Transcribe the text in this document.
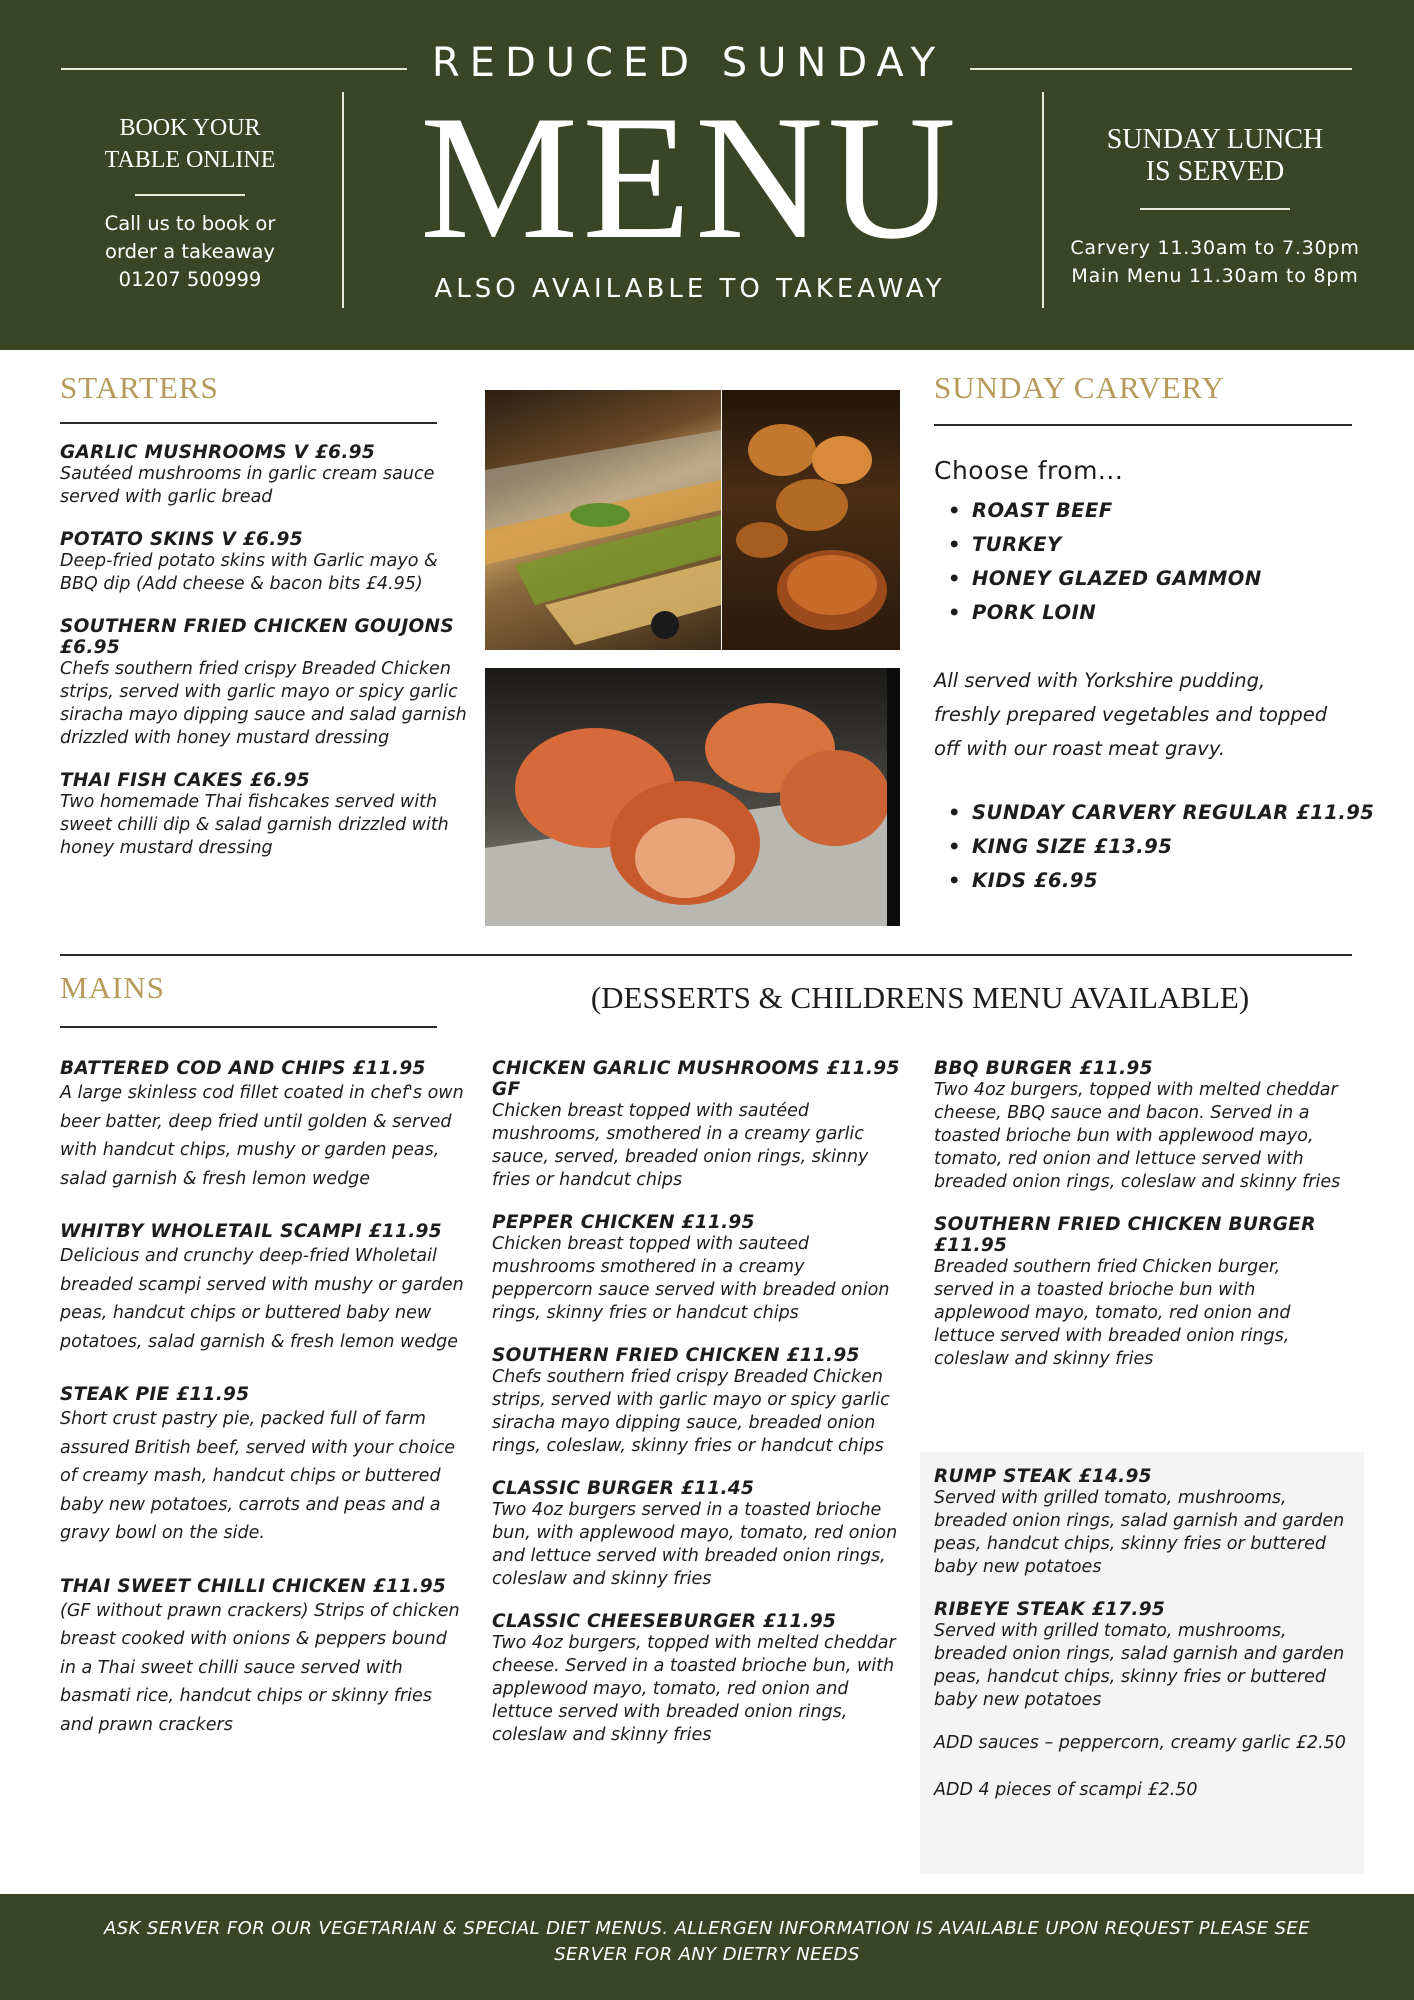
REDUCED SUNDAY
MENU
ALSO AVAILABLE TO TAKEAWAY
BOOK YOUR
TABLE ONLINE
Call us to book or
order a takeaway
01207 500999
SUNDAY LUNCH
IS SERVED
Carvery 11.30am to 7.30pm
Main Menu 11.30am to 8pm
STARTERS
GARLIC MUSHROOMS V £6.95
Sautéed mushrooms in garlic cream sauce served with garlic bread
POTATO SKINS V £6.95
Deep-fried potato skins with Garlic mayo & BBQ dip (Add cheese & bacon bits £4.95)
SOUTHERN FRIED CHICKEN GOUJONS £6.95
Chefs southern fried crispy Breaded Chicken strips, served with garlic mayo or spicy garlic siracha mayo dipping sauce and salad garnish drizzled with honey mustard dressing
THAI FISH CAKES £6.95
Two homemade Thai fishcakes served with sweet chilli dip & salad garnish drizzled with honey mustard dressing
SUNDAY CARVERY
Choose from...
• ROAST BEEF
• TURKEY
• HONEY GLAZED GAMMON
• PORK LOIN
All served with Yorkshire pudding, freshly prepared vegetables and topped off with our roast meat gravy.
• SUNDAY CARVERY REGULAR £11.95
• KING SIZE £13.95
• KIDS £6.95
MAINS	(DESSERTS & CHILDRENS MENU AVAILABLE)
BATTERED COD AND CHIPS £11.95
A large skinless cod fillet coated in chef's own beer batter, deep fried until golden & served with handcut chips, mushy or garden peas, salad garnish & fresh lemon wedge
WHITBY WHOLETAIL SCAMPI £11.95
Delicious and crunchy deep-fried Wholetail breaded scampi served with mushy or garden peas, handcut chips or buttered baby new potatoes, salad garnish & fresh lemon wedge
STEAK PIE £11.95
Short crust pastry pie, packed full of farm assured British beef, served with your choice of creamy mash, handcut chips or buttered baby new potatoes, carrots and peas and a gravy bowl on the side.
THAI SWEET CHILLI CHICKEN £11.95
(GF without prawn crackers) Strips of chicken breast cooked with onions & peppers bound in a Thai sweet chilli sauce served with basmati rice, handcut chips or skinny fries and prawn crackers
CHICKEN GARLIC MUSHROOMS £11.95 GF
Chicken breast topped with sautéed mushrooms, smothered in a creamy garlic sauce, served, breaded onion rings, skinny fries or handcut chips
PEPPER CHICKEN £11.95
Chicken breast topped with sauteed mushrooms smothered in a creamy peppercorn sauce served with breaded onion rings, skinny fries or handcut chips
SOUTHERN FRIED CHICKEN £11.95
Chefs southern fried crispy Breaded Chicken strips, served with garlic mayo or spicy garlic siracha mayo dipping sauce, breaded onion rings, coleslaw, skinny fries or handcut chips
CLASSIC BURGER £11.45
Two 4oz burgers served in a toasted brioche bun, with applewood mayo, tomato, red onion and lettuce served with breaded onion rings, coleslaw and skinny fries
CLASSIC CHEESEBURGER £11.95
Two 4oz burgers, topped with melted cheddar cheese. Served in a toasted brioche bun, with applewood mayo, tomato, red onion and lettuce served with breaded onion rings, coleslaw and skinny fries
BBQ BURGER £11.95
Two 4oz burgers, topped with melted cheddar cheese, BBQ sauce and bacon. Served in a toasted brioche bun with applewood mayo, tomato, red onion and lettuce served with breaded onion rings, coleslaw and skinny fries
SOUTHERN FRIED CHICKEN BURGER £11.95
Breaded southern fried Chicken burger, served in a toasted brioche bun with applewood mayo, tomato, red onion and lettuce served with breaded onion rings, coleslaw and skinny fries
RUMP STEAK £14.95
Served with grilled tomato, mushrooms, breaded onion rings, salad garnish and garden peas, handcut chips, skinny fries or buttered baby new potatoes
RIBEYE STEAK £17.95
Served with grilled tomato, mushrooms, breaded onion rings, salad garnish and garden peas, handcut chips, skinny fries or buttered baby new potatoes
ADD sauces – peppercorn, creamy garlic £2.50
ADD 4 pieces of scampi £2.50
ASK SERVER FOR OUR VEGETARIAN & SPECIAL DIET MENUS. ALLERGEN INFORMATION IS AVAILABLE UPON REQUEST PLEASE SEE
SERVER FOR ANY DIETRY NEEDS
